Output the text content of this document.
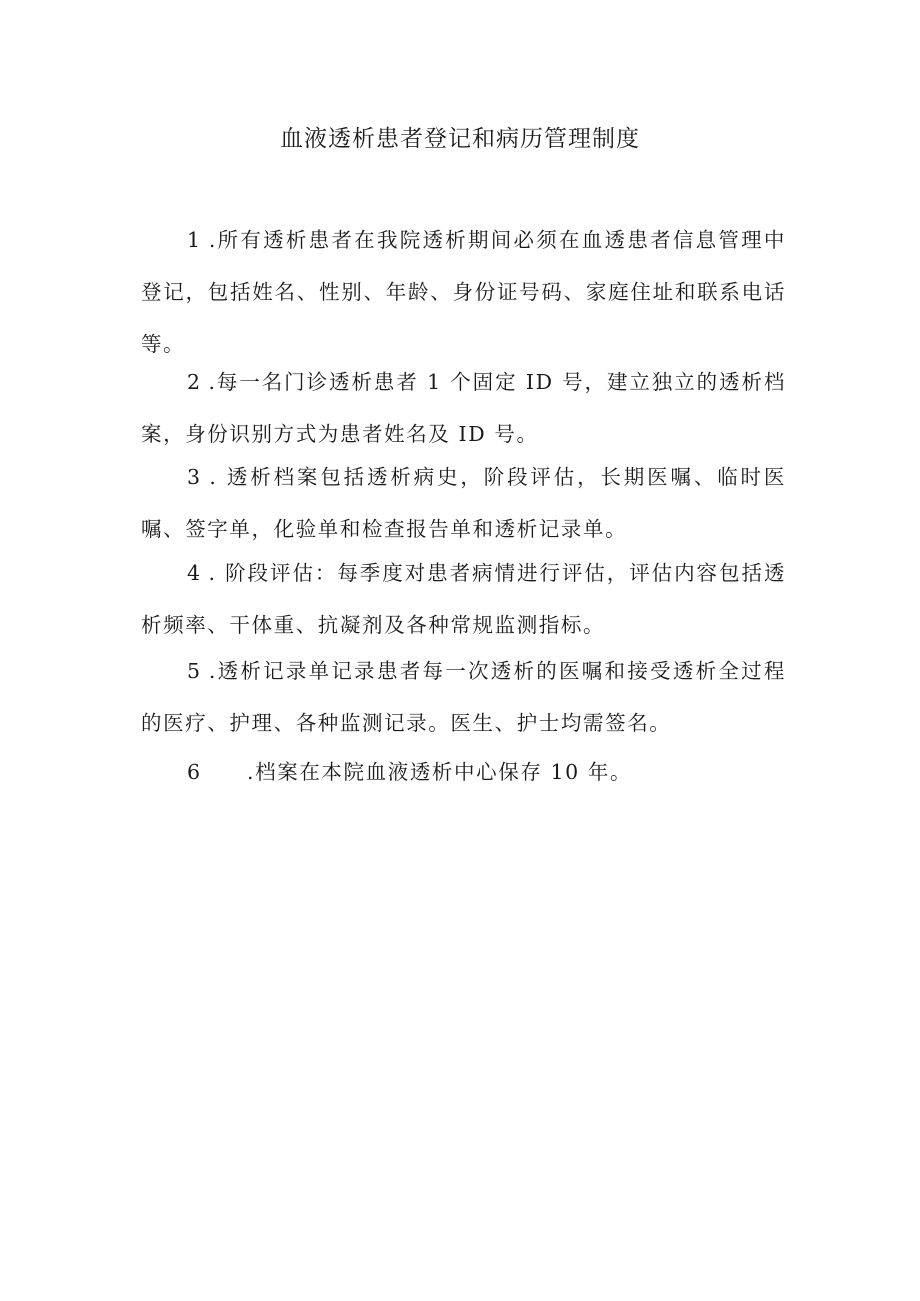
血液透析患者登记和病历管理制度

1 .所有透析患者在我院透析期间必须在血透患者信息管理中登记，包括姓名、性别、年龄、身份证号码、家庭住址和联系电话等。

2 .每一名门诊透析患者 1 个固定 ID 号，建立独立的透析档案，身份识别方式为患者姓名及 ID 号。

3 . 透析档案包括透析病史，阶段评估，长期医嘱、临时医嘱、签字单，化验单和检查报告单和透析记录单。

4 . 阶段评估：每季度对患者病情进行评估，评估内容包括透析频率、干体重、抗凝剂及各种常规监测指标。

5 .透析记录单记录患者每一次透析的医嘱和接受透析全过程的医疗、护理、各种监测记录。医生、护士均需签名。

6 .档案在本院血液透析中心保存 10 年。
